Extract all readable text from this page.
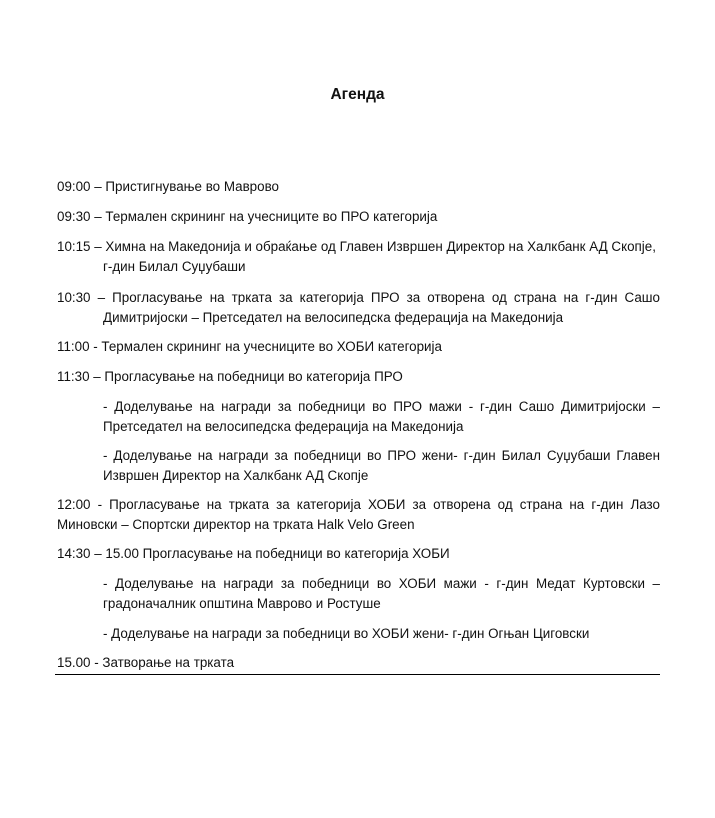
Агенда
09:00 – Пристигнување во Маврово
09:30 – Термален скрининг на учесниците во ПРО категорија
10:15 – Химна на Македонија и обраќање од Главен Извршен Директор на Халкбанк АД Скопје,
г-дин Билал Суџубаши
10:30 – Прогласување на трката за категорија ПРО за отворена од страна на г-дин Сашо Димитријоски – Претседател на велосипедска федерација на Македонија
11:00 - Термален скрининг на учесниците во ХОБИ категорија
11:30 – Прогласување на победници во категорија ПРО
- Доделување на награди за победници во ПРО мажи - г-дин Сашо Димитријоски – Претседател на велосипедска федерација на Македонија
- Доделување на награди за победници во ПРО жени- г-дин Билал Суџубаши Главен Извршен Директор на Халкбанк АД Скопје
12:00 - Прогласување на трката за категорија ХОБИ за отворена од страна на г-дин Лазо Миновски – Спортски директор на трката Halk Velo Green
14:30 – 15.00 Прогласување на победници во категорија ХОБИ
- Доделување на награди за победници во ХОБИ мажи - г-дин Медат Куртовски – градоначалник општина Маврово и Ростуше
- Доделување на награди за победници во ХОБИ жени- г-дин Огњан Циговски
15.00 - Затворање на трката
